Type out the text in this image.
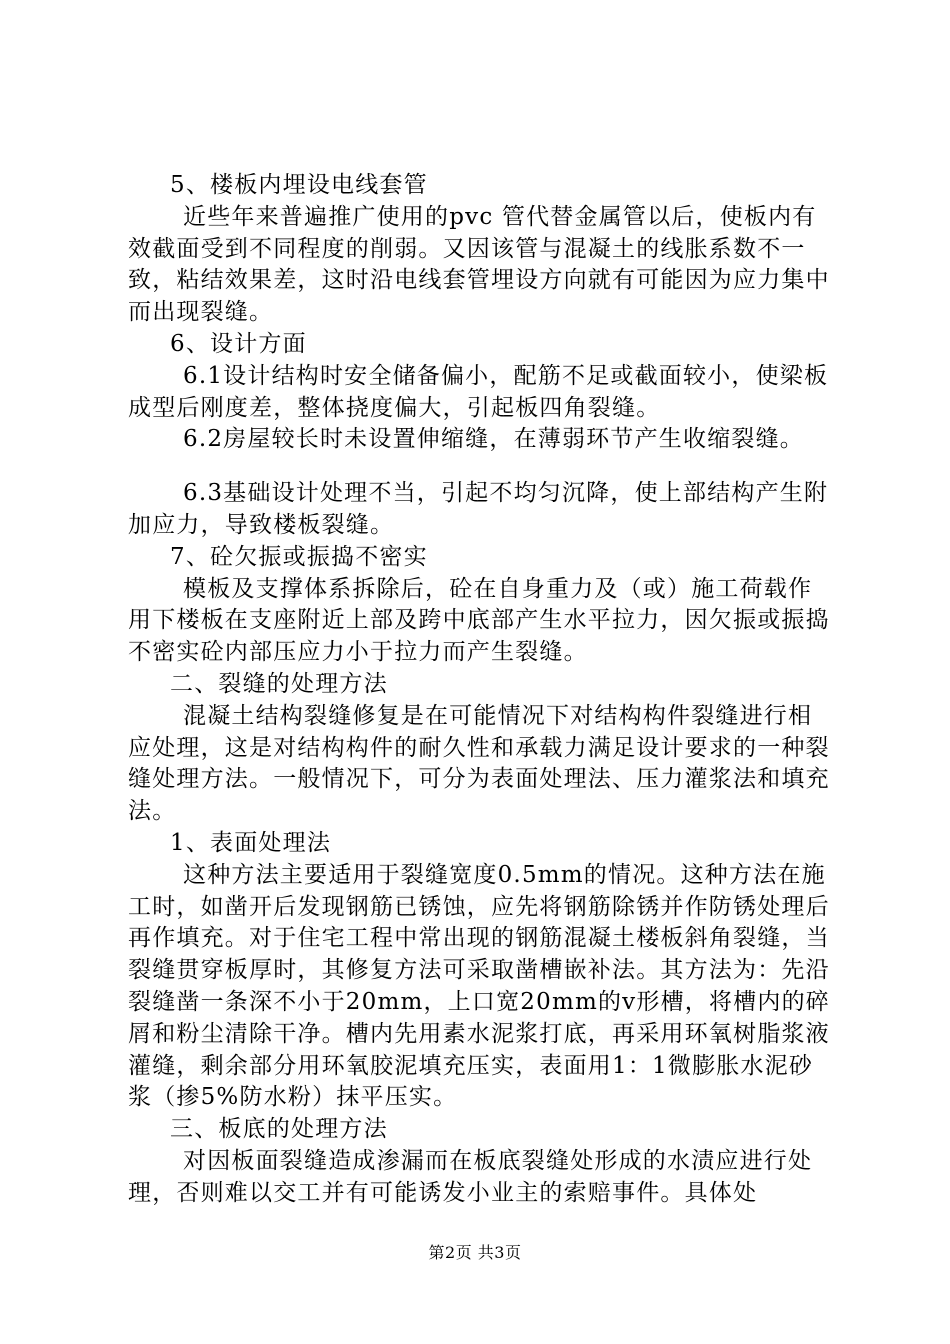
5、楼板内埋设电线套管

近些年来普遍推广使用的pvc 管代替金属管以后，使板内有效截面受到不同程度的削弱。又因该管与混凝土的线胀系数不一致，粘结效果差，这时沿电线套管埋设方向就有可能因为应力集中而出现裂缝。

6、设计方面

6.1设计结构时安全储备偏小，配筋不足或截面较小，使梁板成型后刚度差，整体挠度偏大，引起板四角裂缝。

6.2房屋较长时未设置伸缩缝，在薄弱环节产生收缩裂缝。

6.3基础设计处理不当，引起不均匀沉降，使上部结构产生附加应力，导致楼板裂缝。

7、砼欠振或振捣不密实

模板及支撑体系拆除后，砼在自身重力及（或）施工荷载作用下楼板在支座附近上部及跨中底部产生水平拉力，因欠振或振捣不密实砼内部压应力小于拉力而产生裂缝。

二、裂缝的处理方法

混凝土结构裂缝修复是在可能情况下对结构构件裂缝进行相应处理，这是对结构构件的耐久性和承载力满足设计要求的一种裂缝处理方法。一般情况下，可分为表面处理法、压力灌浆法和填充法。

1、表面处理法

这种方法主要适用于裂缝宽度0.5mm的情况。这种方法在施工时，如凿开后发现钢筋已锈蚀，应先将钢筋除锈并作防锈处理后再作填充。对于住宅工程中常出现的钢筋混凝土楼板斜角裂缝，当裂缝贯穿板厚时，其修复方法可采取凿槽嵌补法。其方法为：先沿裂缝凿一条深不小于20mm，上口宽20mm的v形槽，将槽内的碎屑和粉尘清除干净。槽内先用素水泥浆打底，再采用环氧树脂浆液灌缝，剩余部分用环氧胶泥填充压实，表面用1：1微膨胀水泥砂浆（掺5%防水粉）抹平压实。

三、板底的处理方法

对因板面裂缝造成渗漏而在板底裂缝处形成的水渍应进行处理，否则难以交工并有可能诱发小业主的索赔事件。具体处

第2页 共3页
